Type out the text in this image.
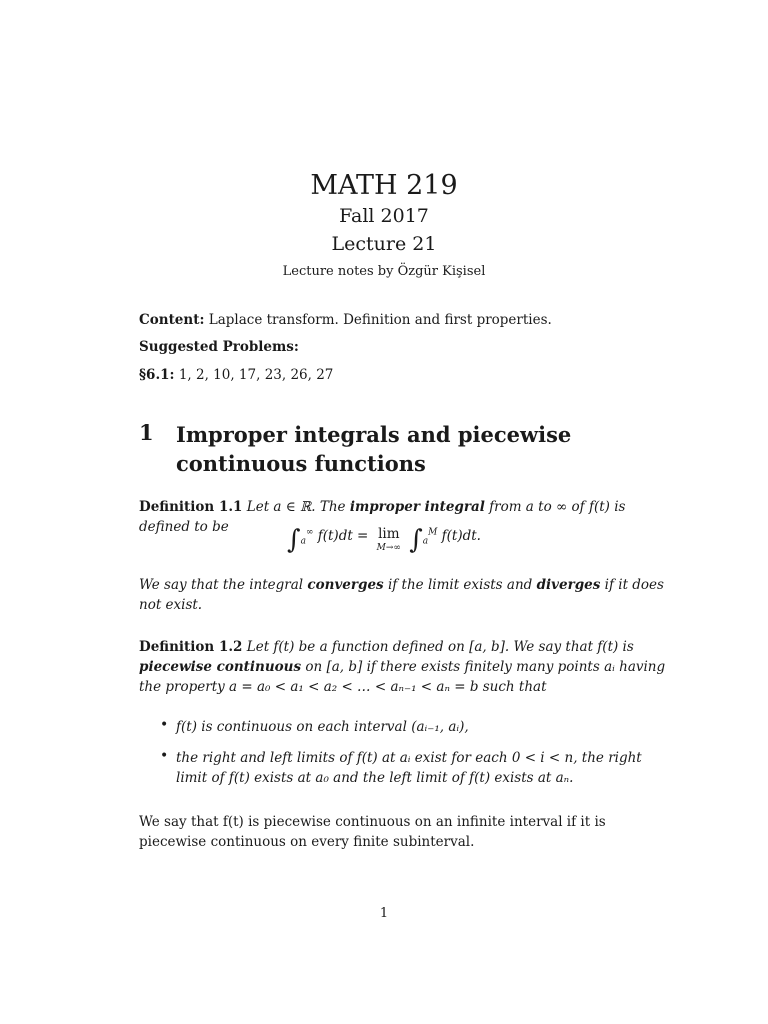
MATH 219
Fall 2017
Lecture 21
Lecture notes by Özgür Kişisel
Content: Laplace transform. Definition and first properties.
Suggested Problems:
§6.1: 1, 2, 10, 17, 23, 26, 27
1 Improper integrals and piecewise continuous functions
Definition 1.1 Let a ∈ ℝ. The improper integral from a to ∞ of f(t) is defined to be	$\int_a^\infty$ f(t)dt = lim
M→∞ $\int_a^M$ f(t)dt.
We say that the integral converges if the limit exists and diverges if it does not exist.
Definition 1.2 Let f(t) be a function defined on [a, b]. We say that f(t) is piecewise continuous on [a, b] if there exists finitely many points aᵢ having the property a = a₀ < a₁ < a₂ < … < aₙ₋₁ < aₙ = b such that
• f(t) is continuous on each interval (aᵢ₋₁, aᵢ),
• the right and left limits of f(t) at aᵢ exist for each 0 < i < n, the right limit of f(t) exists at a₀ and the left limit of f(t) exists at aₙ.
We say that f(t) is piecewise continuous on an infinite interval if it is piecewise continuous on every finite subinterval.
1
